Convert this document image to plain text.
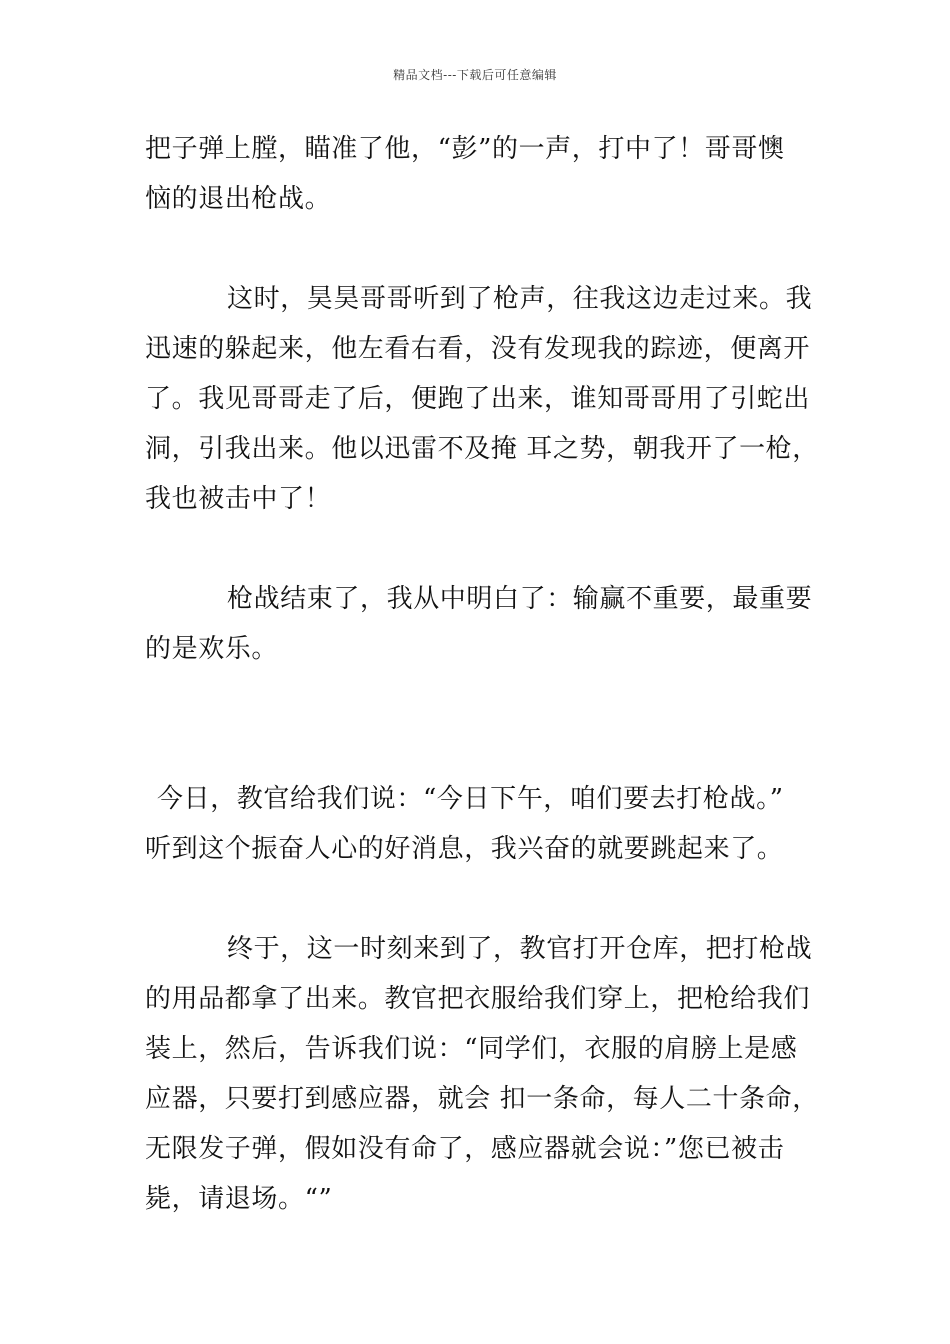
精品文档---下载后可任意编辑
把子弹上膛，瞄准了他，“彭”的一声，打中了！哥哥懊
恼的退出枪战。
这时，昊昊哥哥听到了枪声，往我这边走过来。我
迅速的躲起来，他左看右看，没有发现我的踪迹，便离开
了。我见哥哥走了后，便跑了出来，谁知哥哥用了引蛇出
洞，引我出来。他以迅雷不及掩 耳之势，朝我开了一枪，
我也被击中了！
枪战结束了，我从中明白了：输赢不重要，最重要
的是欢乐。
今日，教官给我们说：“今日下午，咱们要去打枪战。”
听到这个振奋人心的好消息，我兴奋的就要跳起来了。
终于，这一时刻来到了，教官打开仓库，把打枪战
的用品都拿了出来。教官把衣服给我们穿上，把枪给我们
装上，然后，告诉我们说：“同学们，衣服的肩膀上是感
应器，只要打到感应器，就会 扣一条命，每人二十条命，
无限发子弹，假如没有命了，感应器就会说：”您已被击
毙，请退场。“”
